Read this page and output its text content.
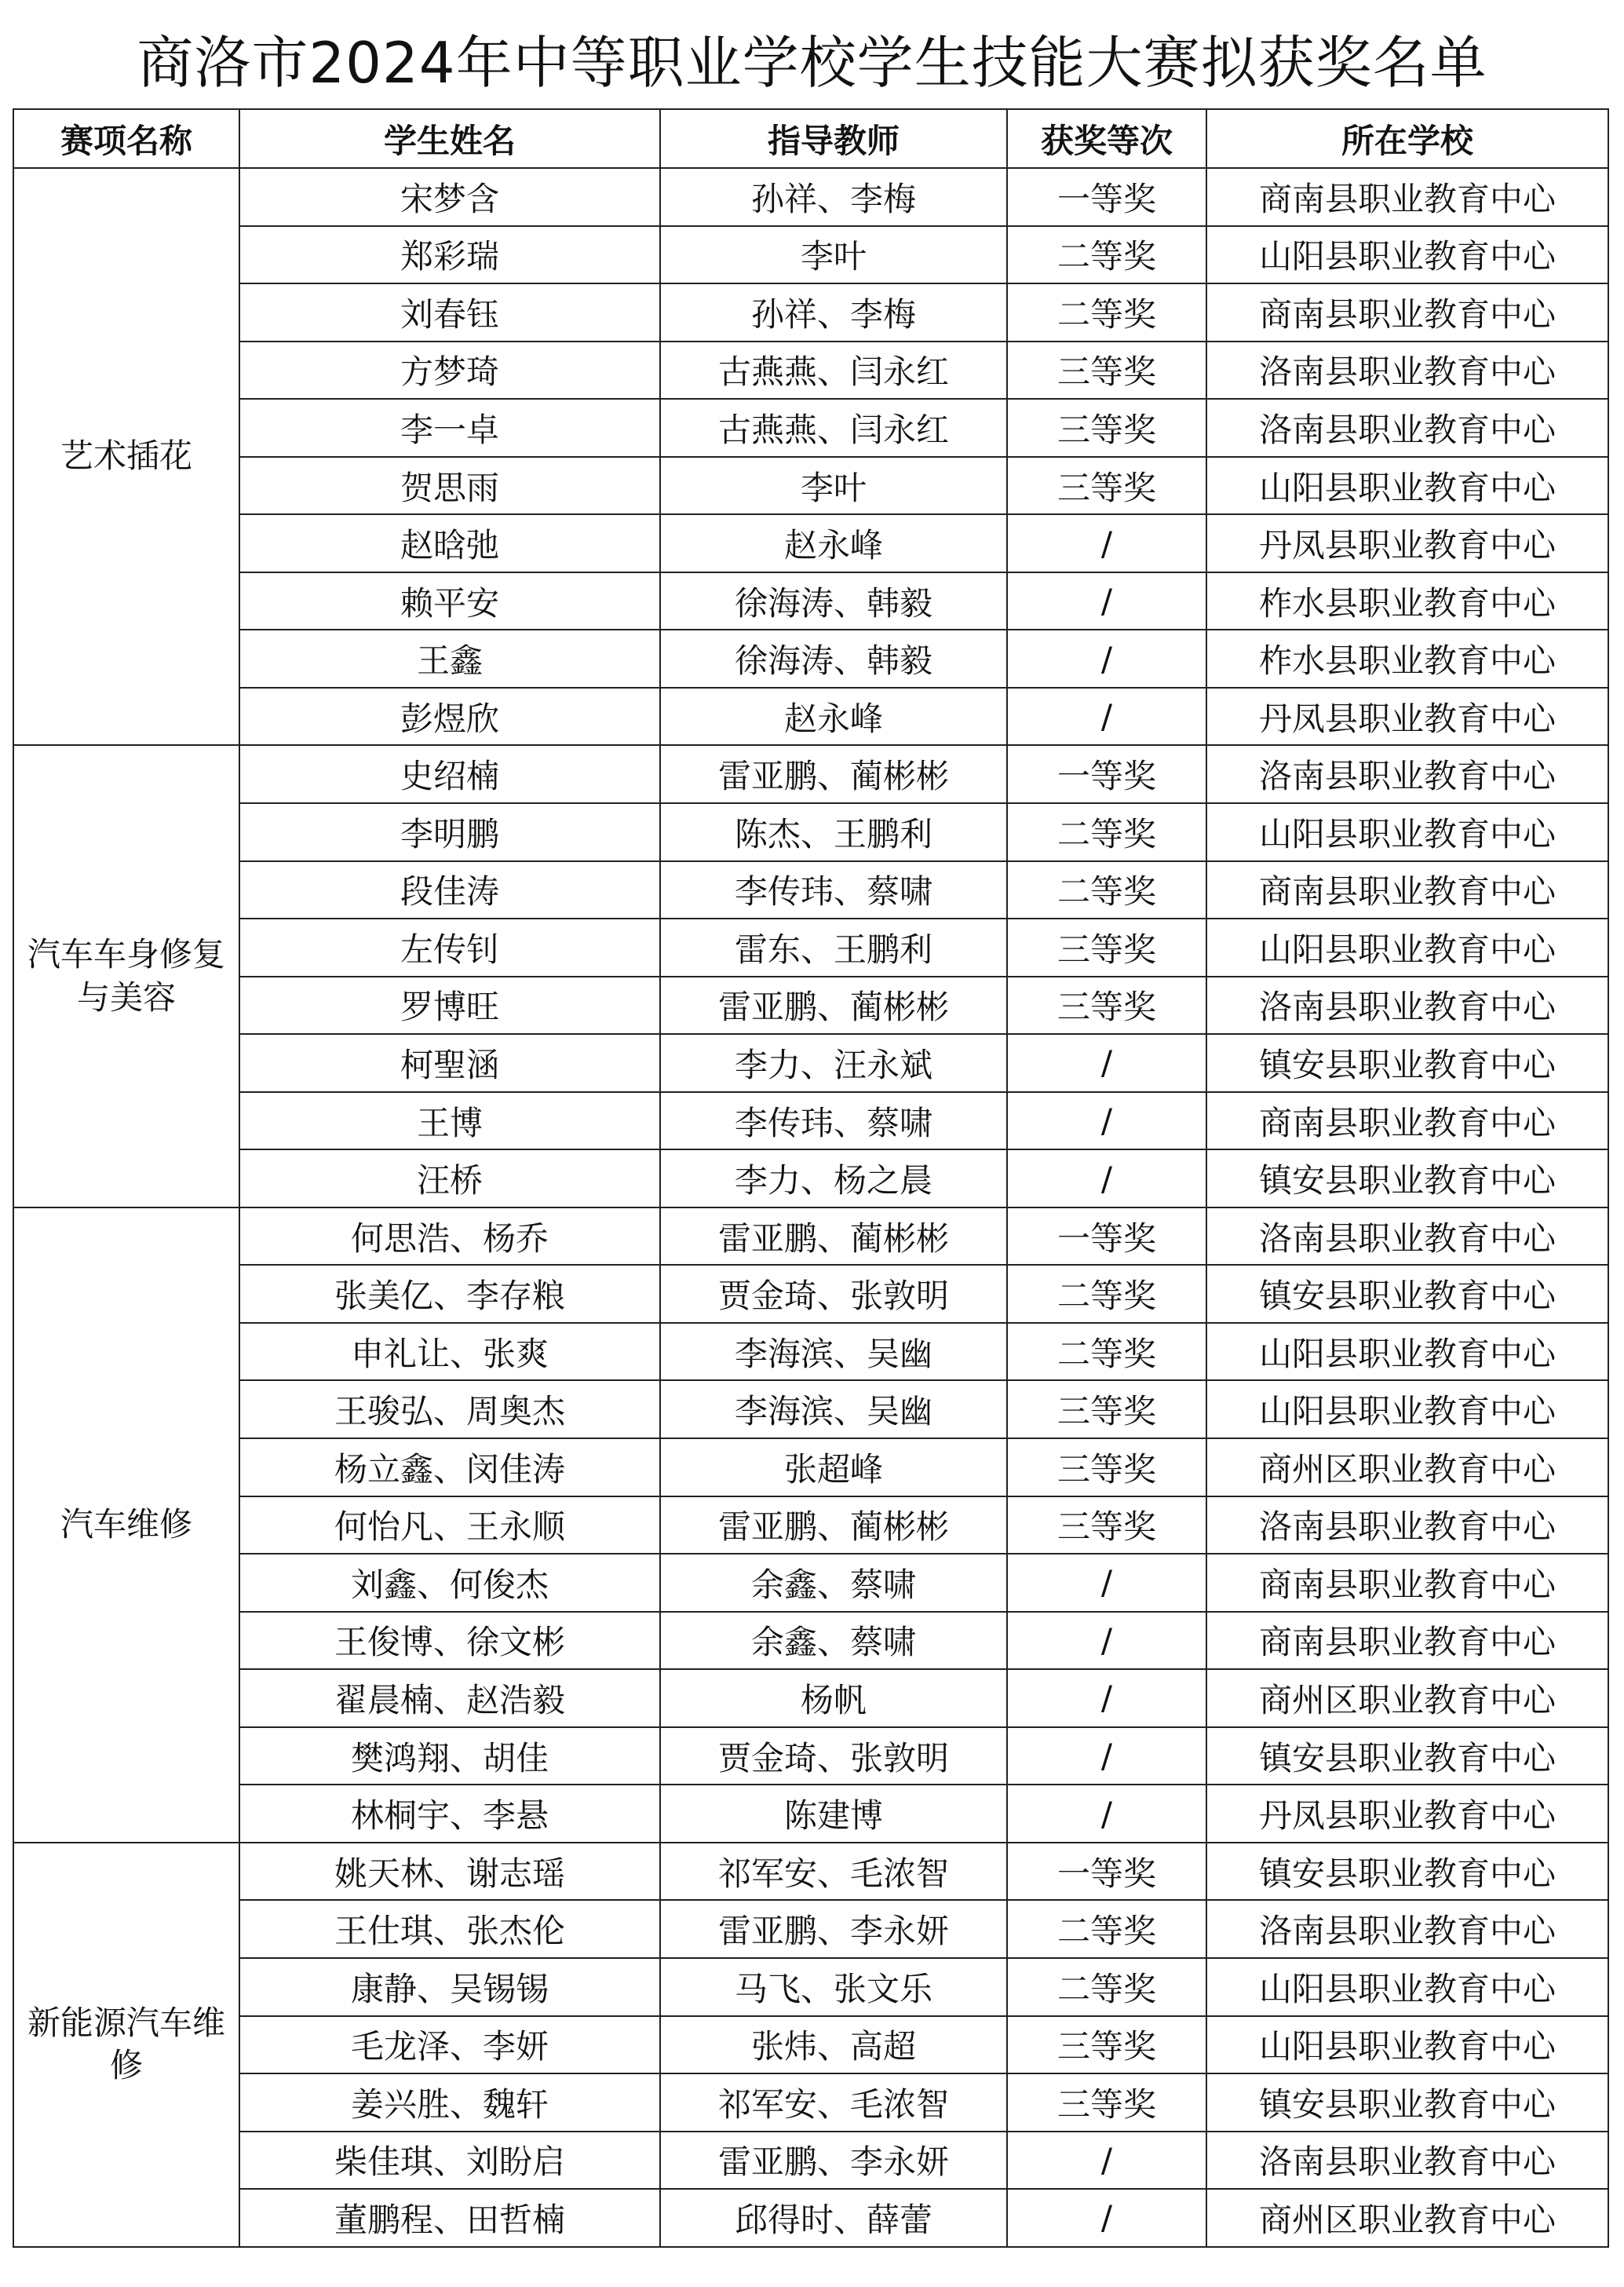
商洛市2024年中等职业学校学生技能大赛拟获奖名单
赛项名称	学生姓名	指导教师	获奖等次	所在学校
艺术插花	宋梦含	孙祥、李梅	一等奖	商南县职业教育中心
	郑彩瑞	李叶	二等奖	山阳县职业教育中心
	刘春钰	孙祥、李梅	二等奖	商南县职业教育中心
	方梦琦	古燕燕、闫永红	三等奖	洛南县职业教育中心
	李一卓	古燕燕、闫永红	三等奖	洛南县职业教育中心
	贺思雨	李叶	三等奖	山阳县职业教育中心
	赵晗弛	赵永峰	/	丹凤县职业教育中心
	赖平安	徐海涛、韩毅	/	柞水县职业教育中心
	王鑫	徐海涛、韩毅	/	柞水县职业教育中心
	彭煜欣	赵永峰	/	丹凤县职业教育中心
汽车车身修复与美容	史绍楠	雷亚鹏、蔺彬彬	一等奖	洛南县职业教育中心
	李明鹏	陈杰、王鹏利	二等奖	山阳县职业教育中心
	段佳涛	李传玮、蔡啸	二等奖	商南县职业教育中心
	左传钊	雷东、王鹏利	三等奖	山阳县职业教育中心
	罗博旺	雷亚鹏、蔺彬彬	三等奖	洛南县职业教育中心
	柯聖涵	李力、汪永斌	/	镇安县职业教育中心
	王博	李传玮、蔡啸	/	商南县职业教育中心
	汪桥	李力、杨之晨	/	镇安县职业教育中心
汽车维修	何思浩、杨乔	雷亚鹏、蔺彬彬	一等奖	洛南县职业教育中心
	张美亿、李存粮	贾金琦、张敦明	二等奖	镇安县职业教育中心
	申礼让、张爽	李海滨、吴幽	二等奖	山阳县职业教育中心
	王骏弘、周奥杰	李海滨、吴幽	三等奖	山阳县职业教育中心
	杨立鑫、闵佳涛	张超峰	三等奖	商州区职业教育中心
	何怡凡、王永顺	雷亚鹏、蔺彬彬	三等奖	洛南县职业教育中心
	刘鑫、何俊杰	余鑫、蔡啸	/	商南县职业教育中心
	王俊博、徐文彬	余鑫、蔡啸	/	商南县职业教育中心
	翟晨楠、赵浩毅	杨帆	/	商州区职业教育中心
	樊鸿翔、胡佳	贾金琦、张敦明	/	镇安县职业教育中心
	林桐宇、李悬	陈建博	/	丹凤县职业教育中心
新能源汽车维修	姚天林、谢志瑶	祁军安、毛浓智	一等奖	镇安县职业教育中心
	王仕琪、张杰伦	雷亚鹏、李永妍	二等奖	洛南县职业教育中心
	康静、吴锡锡	马飞、张文乐	二等奖	山阳县职业教育中心
	毛龙泽、李妍	张炜、高超	三等奖	山阳县职业教育中心
	姜兴胜、魏轩	祁军安、毛浓智	三等奖	镇安县职业教育中心
	柴佳琪、刘盼启	雷亚鹏、李永妍	/	洛南县职业教育中心
	董鹏程、田哲楠	邱得时、薛蕾	/	商州区职业教育中心
